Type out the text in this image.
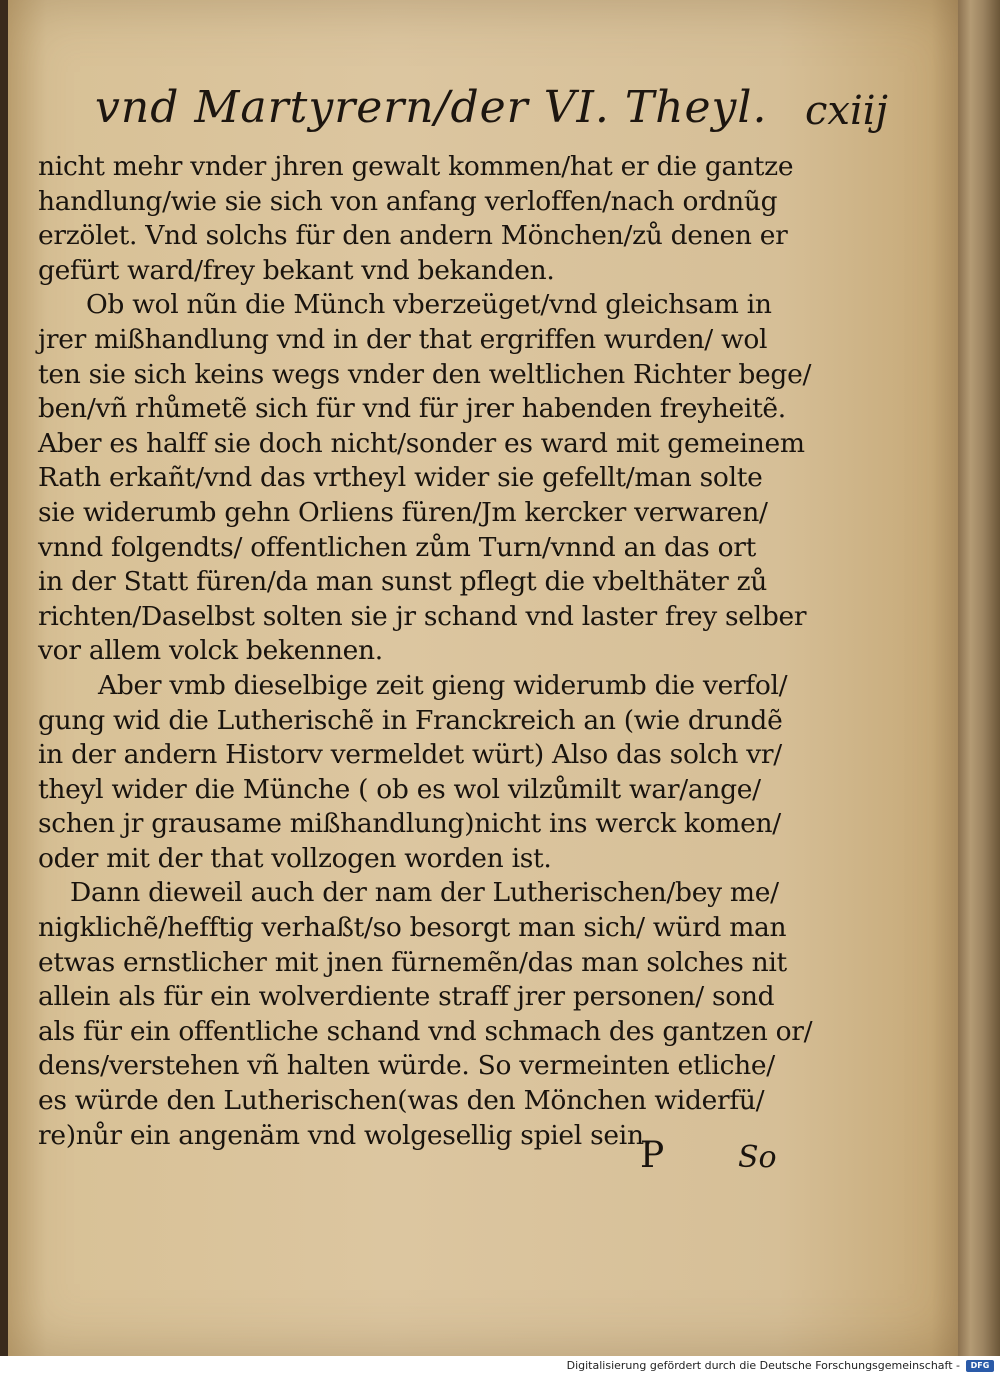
vnd Martyrern/der VI. Theyl. cxiij
nicht mehr vnder jhren gewalt kommen/hat er die gantze
handlung/wie sie sich von anfang verloffen/nach ordnũg
erzölet. Vnd solchs für den andern Mönchen/zů denen er
gefürt ward/frey bekant vnd bekanden.
Ob wol nũn die Münch vberzeüget/vnd gleichsam in
jrer mißhandlung vnd in der that ergriffen wurden/ wol
ten sie sich keins wegs vnder den weltlichen Richter bege/
ben/vñ rhůmetẽ sich für vnd für jrer habenden freyheitẽ.
Aber es halff sie doch nicht/sonder es ward mit gemeinem
Rath erkañt/vnd das vrtheyl wider sie gefellt/man solte
sie widerumb gehn Orliens füren/Jm kercker verwaren/
vnnd folgendts/ offentlichen zům Turn/vnnd an das ort
in der Statt füren/da man sunst pflegt die vbelthäter zů
richten/Daselbst solten sie jr schand vnd laster frey selber
vor allem volck bekennen.
Aber vmb dieselbige zeit gieng widerumb die verfol/
gung wid die Lutherischẽ in Franckreich an (wie drundẽ
in der andern Historv vermeldet würt) Also das solch vr/
theyl wider die Münche ( ob es wol vilzůmilt war/ange/
schen jr grausame mißhandlung)nicht ins werck komen/
oder mit der that vollzogen worden ist.
Dann dieweil auch der nam der Lutherischen/bey me/
nigklichẽ/hefftig verhaßt/so besorgt man sich/ würd man
etwas ernstlicher mit jnen fürnemẽn/das man solches nit
allein als für ein wolverdiente straff jrer personen/ sond
als für ein offentliche schand vnd schmach des gantzen or/
dens/verstehen vñ halten würde. So vermeinten etliche/
es würde den Lutherischen(was den Mönchen widerfü/
re)nůr ein angenäm vnd wolgesellig spiel sein.
P So
Digitalisierung gefördert durch die Deutsche Forschungsgemeinschaft -	DFG
